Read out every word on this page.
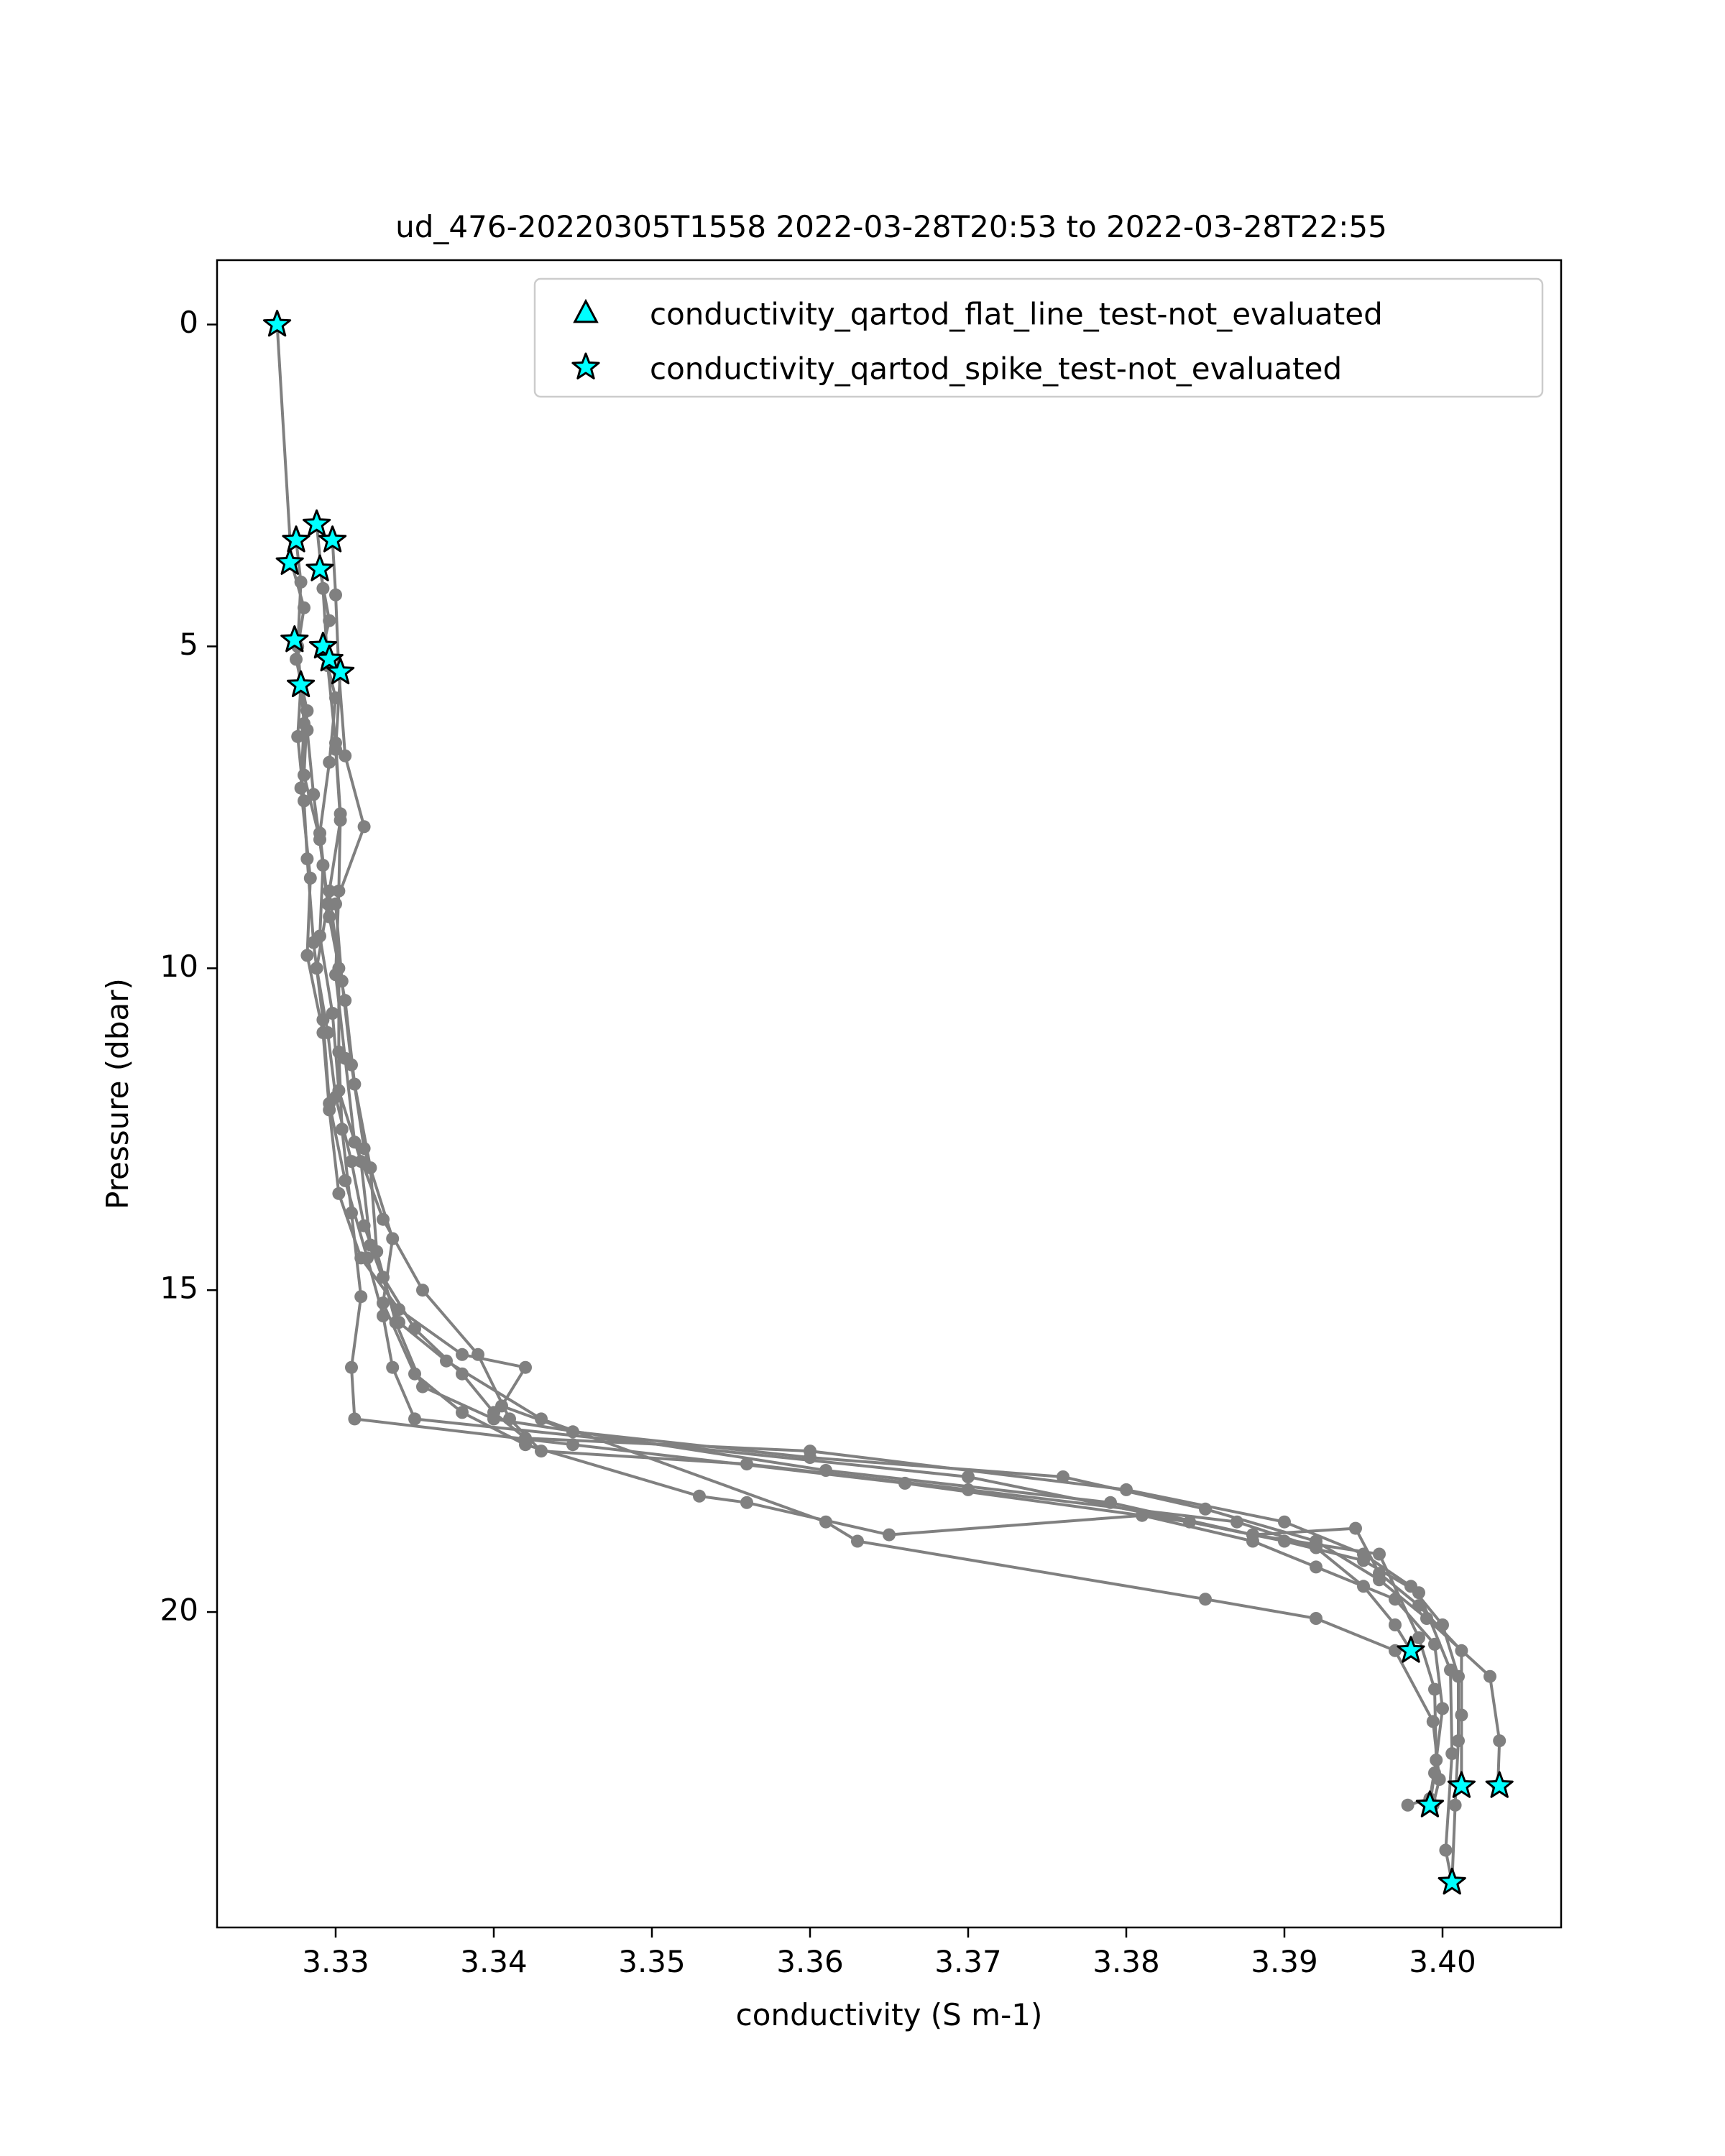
ud_476-20220305T1558 2022-03-28T20:53 to 2022-03-28T22:55
3.33	3.34	3.35	3.36	3.37	3.38	3.39	3.40
0
5
10
15
20
conductivity (S m-1)
Pressure (dbar)
conductivity_qartod_flat_line_test-not_evaluated
conductivity_qartod_spike_test-not_evaluated
